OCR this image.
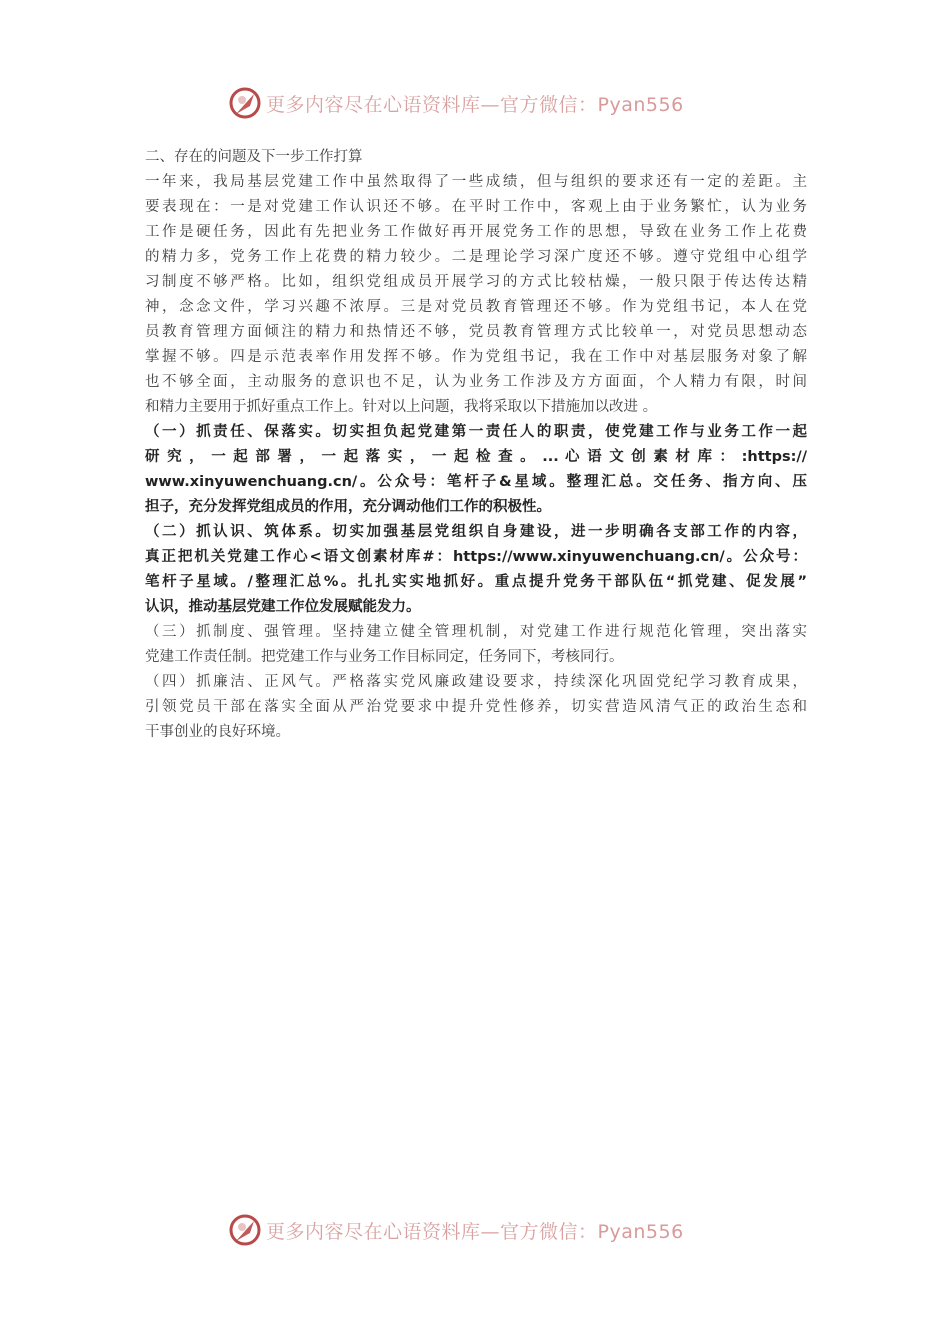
更多内容尽在心语资料库—官方微信：Pyan556
二、存在的问题及下一步工作打算
一年来，我局基层党建工作中虽然取得了一些成绩，但与组织的要求还有一定的差距。主
要表现在：一是对党建工作认识还不够。在平时工作中，客观上由于业务繁忙，认为业务
工作是硬任务，因此有先把业务工作做好再开展党务工作的思想，导致在业务工作上花费
的精力多，党务工作上花费的精力较少。二是理论学习深广度还不够。遵守党组中心组学
习制度不够严格。比如，组织党组成员开展学习的方式比较枯燥，一般只限于传达传达精
神，念念文件，学习兴趣不浓厚。三是对党员教育管理还不够。作为党组书记，本人在党
员教育管理方面倾注的精力和热情还不够，党员教育管理方式比较单一，对党员思想动态
掌握不够。四是示范表率作用发挥不够。作为党组书记，我在工作中对基层服务对象了解
也不够全面，主动服务的意识也不足，认为业务工作涉及方方面面，个人精力有限，时间
和精力主要用于抓好重点工作上。针对以上问题，我将采取以下措施加以改进 。
（一）抓责任、保落实。切实担负起党建第一责任人的职责，使党建工作与业务工作一起
研 究 ， 一 起 部 署 ， 一 起 落 实 ， 一 起 检 查 。 ... 心 语 文 创 素 材 库 ： :https://
www.xinyuwenchuang.cn/。公众号：笔杆子&星域。整理汇总。交任务、指方向、压
担子，充分发挥党组成员的作用，充分调动他们工作的积极性。
（二）抓认识、筑体系。切实加强基层党组织自身建设，进一步明确各支部工作的内容，
真正把机关党建工作心<语文创素材库#：https://www.xinyuwenchuang.cn/。公众号：
笔杆子星域。/整理汇总%。扎扎实实地抓好。重点提升党务干部队伍“抓党建、促发展”
认识，推动基层党建工作位发展赋能发力。
（三）抓制度、强管理。坚持建立健全管理机制，对党建工作进行规范化管理，突出落实
党建工作责任制。把党建工作与业务工作目标同定，任务同下，考核同行。
（四）抓廉洁、正风气。严格落实党风廉政建设要求，持续深化巩固党纪学习教育成果，
引领党员干部在落实全面从严治党要求中提升党性修养，切实营造风清气正的政治生态和
干事创业的良好环境。
更多内容尽在心语资料库—官方微信：Pyan556
